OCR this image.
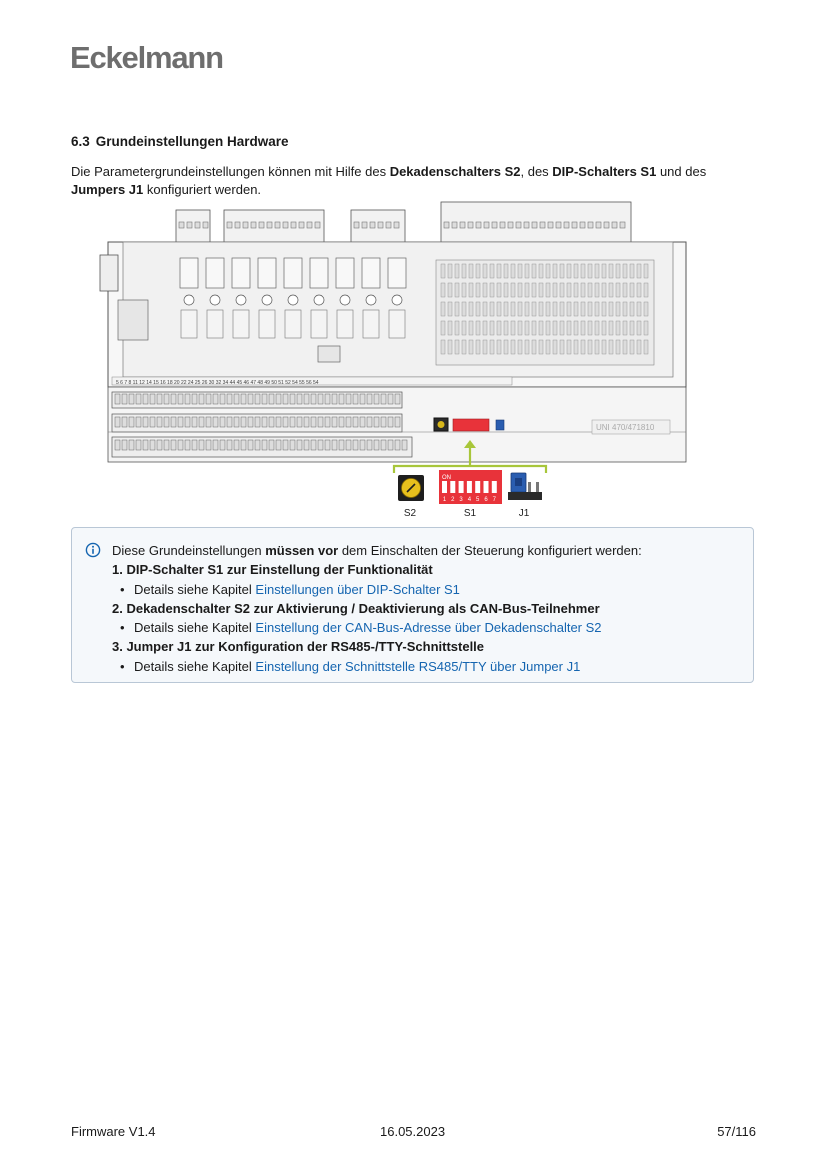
Eckelmann
6.3 Grundeinstellungen Hardware
Die Parametergrundeinstellungen können mit Hilfe des Dekadenschalters S2, des DIP-Schalters S1 und des
Jumpers J1 konfiguriert werden.
5 6 7 8 11 12 14 15 16 18 20 22 24 25 26 30 32 34 44 45 46 47 48 49 50 51 52 54 55 56 54
UNI 470/471810
ON
1 2 3 4 5 6 7
S2	S1	J1
Diese Grundeinstellungen müssen vor dem Einschalten der Steuerung konfiguriert werden:
1. DIP-Schalter S1 zur Einstellung der Funktionalität
• Details siehe Kapitel Einstellungen über DIP-Schalter S1
2. Dekadenschalter S2 zur Aktivierung / Deaktivierung als CAN-Bus-Teilnehmer
• Details siehe Kapitel Einstellung der CAN-Bus-Adresse über Dekadenschalter S2
3. Jumper J1 zur Konfiguration der RS485-/TTY-Schnittstelle
• Details siehe Kapitel Einstellung der Schnittstelle RS485/TTY über Jumper J1
Firmware V1.4	16.05.2023	57/116
